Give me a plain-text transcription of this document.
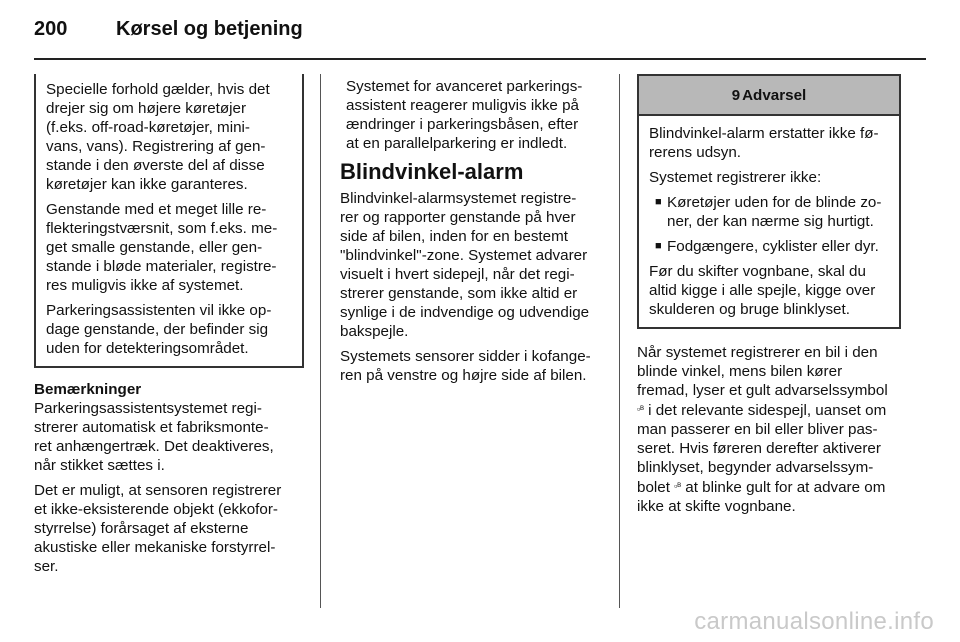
200	Kørsel og betjening

Specielle forhold gælder, hvis det
drejer sig om højere køretøjer
(f.eks. off-road-køretøjer, mini-
vans, vans). Registrering af gen-
stande i den øverste del af disse
køretøjer kan ikke garanteres.

Genstande med et meget lille re-
flekteringstværsnit, som f.eks. me-
get smalle genstande, eller gen-
stande i bløde materialer, registre-
res muligvis ikke af systemet.

Parkeringsassistenten vil ikke op-
dage genstande, der befinder sig
uden for detekteringsområdet.

Bemærkninger

Parkeringsassistentsystemet regi-
strerer automatisk et fabriksmonte-
ret anhængertræk. Det deaktiveres,
når stikket sættes i.

Det er muligt, at sensoren registrerer
et ikke-eksisterende objekt (ekkofor-
styrrelse) forårsaget af eksterne
akustiske eller mekaniske forstyrrel-
ser.

Systemet for avanceret parkerings-
assistent reagerer muligvis ikke på
ændringer i parkeringsbåsen, efter
at en parallelparkering er indledt.

Blindvinkel-alarm

Blindvinkel-alarmsystemet registre-
rer og rapporter genstande på hver
side af bilen, inden for en bestemt
"blindvinkel"-zone. Systemet advarer
visuelt i hvert sidepejl, når det regi-
strerer genstande, som ikke altid er
synlige i de indvendige og udvendige
bakspejle.

Systemets sensorer sidder i kofange-
ren på venstre og højre side af bilen.

9 Advarsel

Blindvinkel-alarm erstatter ikke fø-
rerens udsyn.

Systemet registrerer ikke:

■ Køretøjer uden for de blinde zo-
ner, der kan nærme sig hurtigt.
■ Fodgængere, cyklister eller dyr.

Før du skifter vognbane, skal du
altid kigge i alle spejle, kigge over
skulderen og bruge blinklyset.

Når systemet registrerer en bil i den
blinde vinkel, mens bilen kører
fremad, lyser et gult advarselssymbol
▫ᴮ i det relevante sidespejl, uanset om
man passerer en bil eller bliver pas-
seret. Hvis føreren derefter aktiverer
blinklyset, begynder advarselssym-
bolet ▫ᴮ at blinke gult for at advare om
ikke at skifte vognbane.

carmanualsonline.info
